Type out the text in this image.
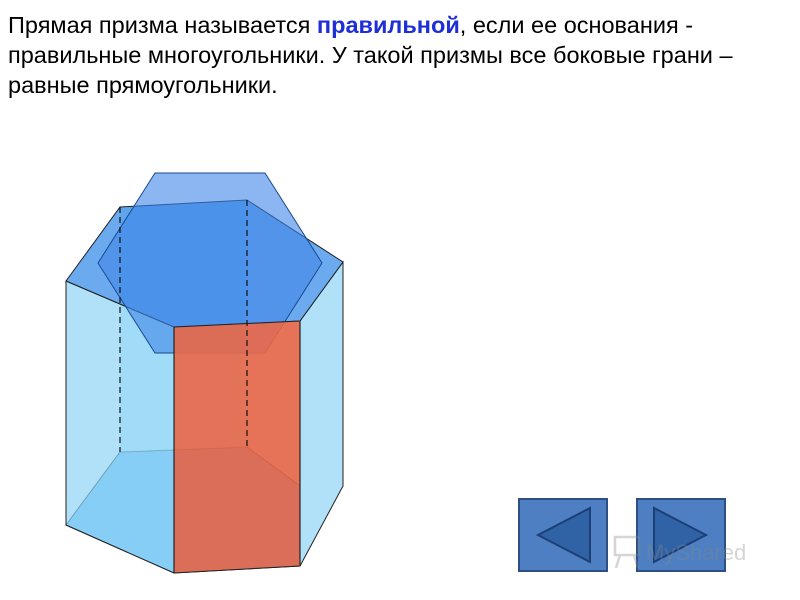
Прямая призма называется правильной, если ее основания - правильные многоугольники. У такой призмы все боковые грани – равные прямоугольники.

MyShared
